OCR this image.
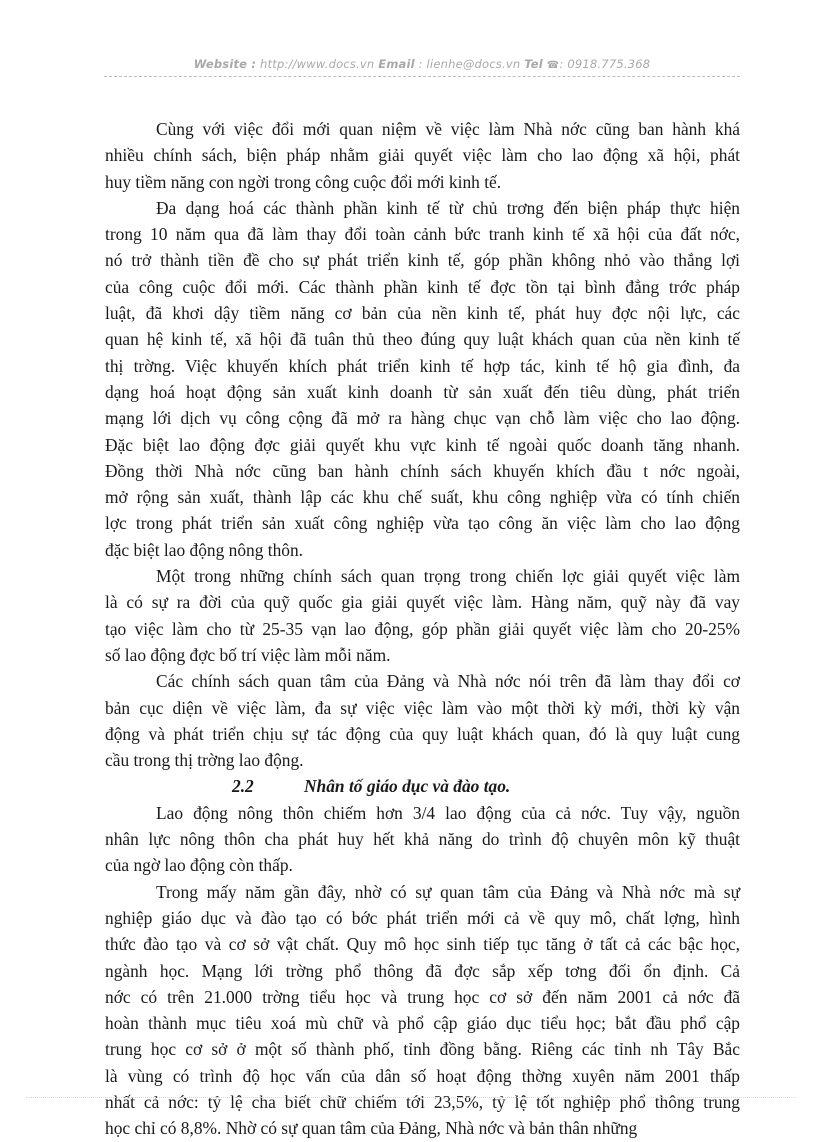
Website : http://www.docs.vn Email : lienhe@docs.vn Tel ☎: 0918.775.368
Cùng với việc đổi mới quan niệm về việc làm Nhà nớc cũng ban hành khá
nhiều chính sách, biện pháp nhằm giải quyết việc làm cho lao động xã hội, phát
huy tiềm năng con ngời trong công cuộc đổi mới kinh tế.
Đa dạng hoá các thành phần kinh tế từ chủ trơng đến biện pháp thực hiện
trong 10 năm qua đã làm thay đổi toàn cảnh bức tranh kinh tế xã hội của đất nớc,
nó trở thành tiền đề cho sự phát triển kinh tế, góp phần không nhỏ vào thắng lợi
của công cuộc đổi mới. Các thành phần kinh tế đợc tồn tại bình đẳng trớc pháp
luật, đã khơi dậy tiềm năng cơ bản của nền kinh tế, phát huy đợc nội lực, các
quan hệ kinh tế, xã hội đã tuân thủ theo đúng quy luật khách quan của nền kinh tế
thị trờng. Việc khuyến khích phát triển kinh tế hợp tác, kinh tế hộ gia đình, đa
dạng hoá hoạt động sản xuất kinh doanh từ sản xuất đến tiêu dùng, phát triển
mạng lới dịch vụ công cộng đã mở ra hàng chục vạn chỗ làm việc cho lao động.
Đặc biệt lao động đợc giải quyết khu vực kinh tế ngoài quốc doanh tăng nhanh.
Đồng thời Nhà nớc cũng ban hành chính sách khuyến khích đầu t nớc ngoài,
mở rộng sản xuất, thành lập các khu chế suất, khu công nghiệp vừa có tính chiến
lợc trong phát triển sản xuất công nghiệp vừa tạo công ăn việc làm cho lao động
đặc biệt lao động nông thôn.
Một trong những chính sách quan trọng trong chiến lợc giải quyết việc làm
là có sự ra đời của quỹ quốc gia giải quyết việc làm. Hàng năm, quỹ này đã vay
tạo việc làm cho từ 25-35 vạn lao động, góp phần giải quyết việc làm cho 20-25%
số lao động đợc bố trí việc làm mỗi năm.
Các chính sách quan tâm của Đảng và Nhà nớc nói trên đã làm thay đổi cơ
bản cục diện về việc làm, đa sự việc việc làm vào một thời kỳ mới, thời kỳ vận
động và phát triển chịu sự tác động của quy luật khách quan, đó là quy luật cung
cầu trong thị trờng lao động.
2.2	Nhân tố giáo dục và đào tạo.
Lao động nông thôn chiếm hơn 3/4 lao động của cả nớc. Tuy vậy, nguồn
nhân lực nông thôn cha phát huy hết khả năng do trình độ chuyên môn kỹ thuật
của ngờ lao động còn thấp.
Trong mấy năm gần đây, nhờ có sự quan tâm của Đảng và Nhà nớc mà sự
nghiệp giáo dục và đào tạo có bớc phát triển mới cả về quy mô, chất lợng, hình
thức đào tạo và cơ sở vật chất. Quy mô học sinh tiếp tục tăng ở tất cả các bậc học,
ngành học. Mạng lới trờng phổ thông đã đợc sắp xếp tơng đối ổn định. Cả
nớc có trên 21.000 trờng tiểu học và trung học cơ sở đến năm 2001 cả nớc đã
hoàn thành mục tiêu xoá mù chữ và phổ cập giáo dục tiểu học; bắt đầu phổ cập
trung học cơ sở ở một số thành phố, tỉnh đồng bằng. Riêng các tỉnh nh Tây Bắc
là vùng có trình độ học vấn của dân số hoạt động thờng xuyên năm 2001 thấp
nhất cả nớc: tỷ lệ cha biết chữ chiếm tới 23,5%, tỷ lệ tốt nghiệp phổ thông trung
học chỉ có 8,8%. Nhờ có sự quan tâm của Đảng, Nhà nớc và bản thân những
